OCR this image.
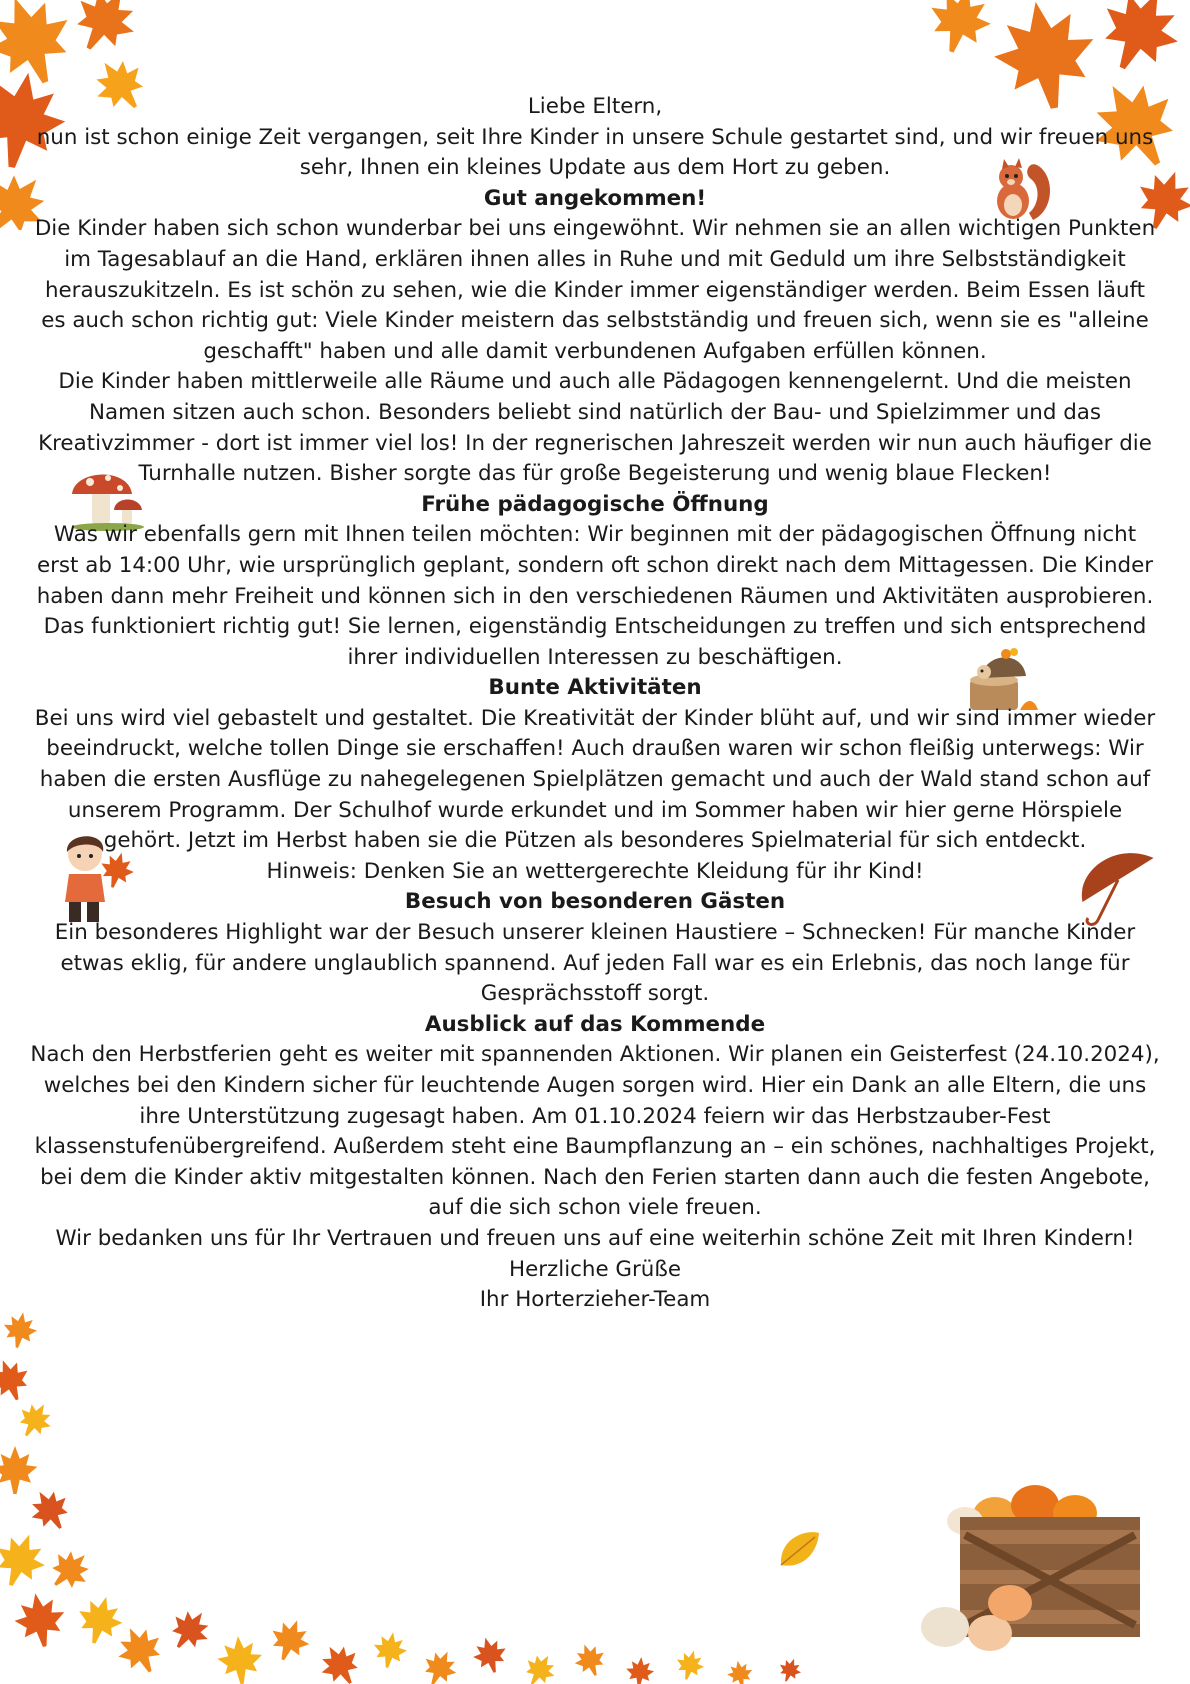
Liebe Eltern,

nun ist schon einige Zeit vergangen, seit Ihre Kinder in unsere Schule gestartet sind, und wir freuen uns sehr, Ihnen ein kleines Update aus dem Hort zu geben.

Gut angekommen!

Die Kinder haben sich schon wunderbar bei uns eingewöhnt. Wir nehmen sie an allen wichtigen Punkten im Tagesablauf an die Hand, erklären ihnen alles in Ruhe und mit Geduld um ihre Selbstständigkeit herauszukitzeln. Es ist schön zu sehen, wie die Kinder immer eigenständiger werden. Beim Essen läuft es auch schon richtig gut: Viele Kinder meistern das selbstständig und freuen sich, wenn sie es "alleine geschafft" haben und alle damit verbundenen Aufgaben erfüllen können.

Die Kinder haben mittlerweile alle Räume und auch alle Pädagogen kennengelernt. Und die meisten Namen sitzen auch schon. Besonders beliebt sind natürlich der Bau- und Spielzimmer und das Kreativzimmer - dort ist immer viel los! In der regnerischen Jahreszeit werden wir nun auch häufiger die Turnhalle nutzen. Bisher sorgte das für große Begeisterung und wenig blaue Flecken!

Frühe pädagogische Öffnung

Was wir ebenfalls gern mit Ihnen teilen möchten: Wir beginnen mit der pädagogischen Öffnung nicht erst ab 14:00 Uhr, wie ursprünglich geplant, sondern oft schon direkt nach dem Mittagessen. Die Kinder haben dann mehr Freiheit und können sich in den verschiedenen Räumen und Aktivitäten ausprobieren. Das funktioniert richtig gut! Sie lernen, eigenständig Entscheidungen zu treffen und sich entsprechend ihrer individuellen Interessen zu beschäftigen.

Bunte Aktivitäten

Bei uns wird viel gebastelt und gestaltet. Die Kreativität der Kinder blüht auf, und wir sind immer wieder beeindruckt, welche tollen Dinge sie erschaffen! Auch draußen waren wir schon fleißig unterwegs: Wir haben die ersten Ausflüge zu nahegelegenen Spielplätzen gemacht und auch der Wald stand schon auf unserem Programm. Der Schulhof wurde erkundet und im Sommer haben wir hier gerne Hörspiele gehört. Jetzt im Herbst haben sie die Pützen als besonderes Spielmaterial für sich entdeckt.

Hinweis: Denken Sie an wettergerechte Kleidung für ihr Kind!

Besuch von besonderen Gästen

Ein besonderes Highlight war der Besuch unserer kleinen Haustiere – Schnecken! Für manche Kinder etwas eklig, für andere unglaublich spannend. Auf jeden Fall war es ein Erlebnis, das noch lange für Gesprächsstoff sorgt.

Ausblick auf das Kommende

Nach den Herbstferien geht es weiter mit spannenden Aktionen. Wir planen ein Geisterfest (24.10.2024), welches bei den Kindern sicher für leuchtende Augen sorgen wird. Hier ein Dank an alle Eltern, die uns ihre Unterstützung zugesagt haben. Am 01.10.2024 feiern wir das Herbstzauber-Fest klassenstufenübergreifend. Außerdem steht eine Baumpflanzung an – ein schönes, nachhaltiges Projekt, bei dem die Kinder aktiv mitgestalten können. Nach den Ferien starten dann auch die festen Angebote, auf die sich schon viele freuen.

Wir bedanken uns für Ihr Vertrauen und freuen uns auf eine weiterhin schöne Zeit mit Ihren Kindern!

Herzliche Grüße

Ihr Horterzieher-Team
